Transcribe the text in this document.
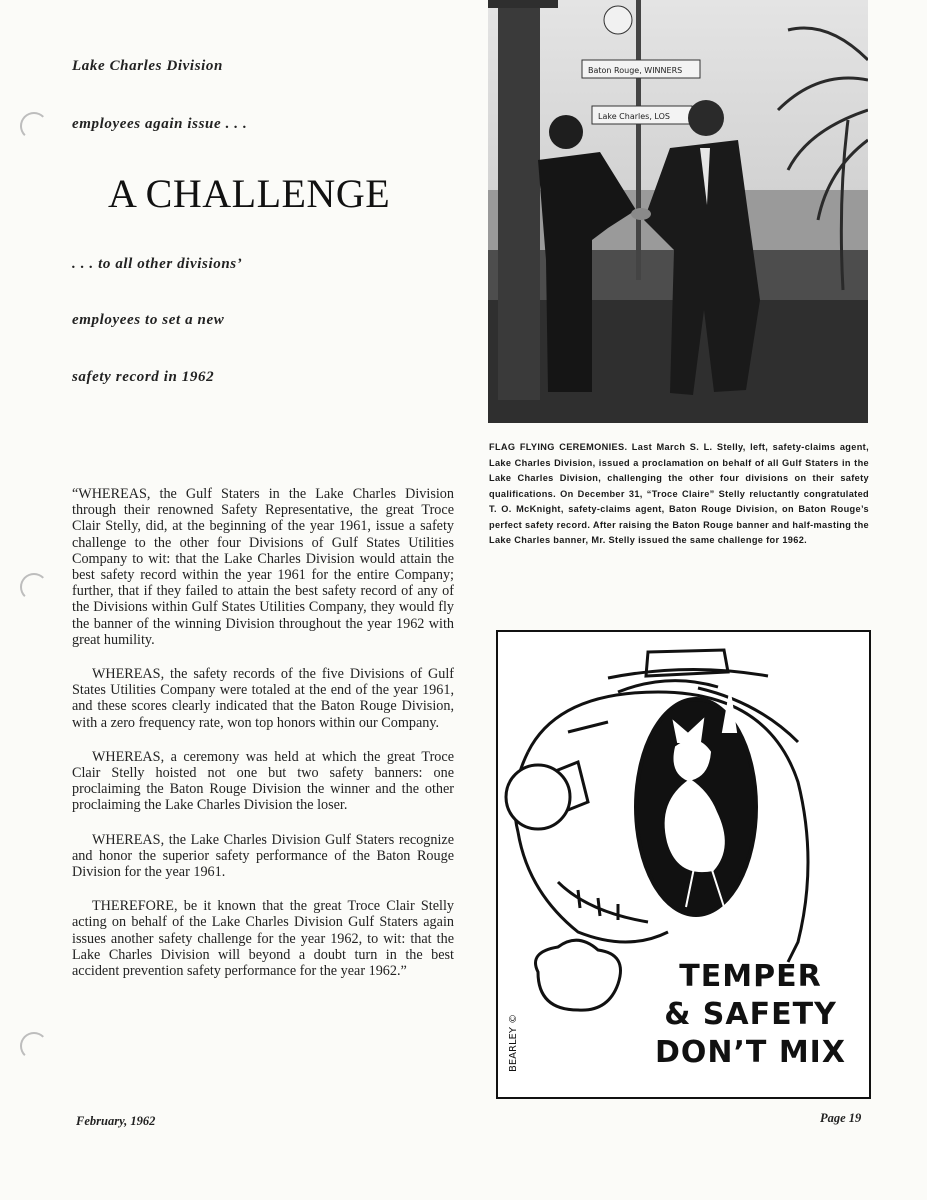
Lake Charles Division

employees again issue . . .

A CHALLENGE

. . . to all other divisions’

employees to set a new

safety record in 1962

“WHEREAS, the Gulf Staters in the Lake Charles Division through their renowned Safety Representative, the great Troce Clair Stelly, did, at the beginning of the year 1961, issue a safety challenge to the other four Divisions of Gulf States Utilities Company to wit: that the Lake Charles Division would attain the best safety record within the year 1961 for the entire Company; further, that if they failed to attain the best safety record of any of the Divisions within Gulf States Utilities Company, they would fly the banner of the winning Division throughout the year 1962 with great humility.

WHEREAS, the safety records of the five Divisions of Gulf States Utilities Company were totaled at the end of the year 1961, and these scores clearly indicated that the Baton Rouge Division, with a zero frequency rate, won top honors within our Company.

WHEREAS, a ceremony was held at which the great Troce Clair Stelly hoisted not one but two safety banners: one proclaiming the Baton Rouge Division the winner and the other proclaiming the Lake Charles Division the loser.

WHEREAS, the Lake Charles Division Gulf Staters recognize and honor the superior safety performance of the Baton Rouge Division for the year 1961.

THEREFORE, be it known that the great Troce Clair Stelly acting on behalf of the Lake Charles Division Gulf Staters again issues another safety challenge for the year 1962, to wit: that the Lake Charles Division will beyond a doubt turn in the best accident prevention safety performance for the year 1962.”

Baton Rouge, WINNERS
Lake Charles, LOS
FLAG FLYING CEREMONIES. Last March S. L. Stelly, left, safety-claims agent, Lake Charles Division, issued a proclamation on behalf of all Gulf Staters in the Lake Charles Division, challenging the other four divisions on their safety qualifications. On December 31, “Troce Claire” Stelly reluctantly congratulated T. O. McKnight, safety-claims agent, Baton Rouge Division, on Baton Rouge’s perfect safety record. After raising the Baton Rouge banner and half-masting the Lake Charles banner, Mr. Stelly issued the same challenge for 1962.
BEARLEY ©
TEMPER
& SAFETY
DON’T MIX
February, 1962	Page 19
